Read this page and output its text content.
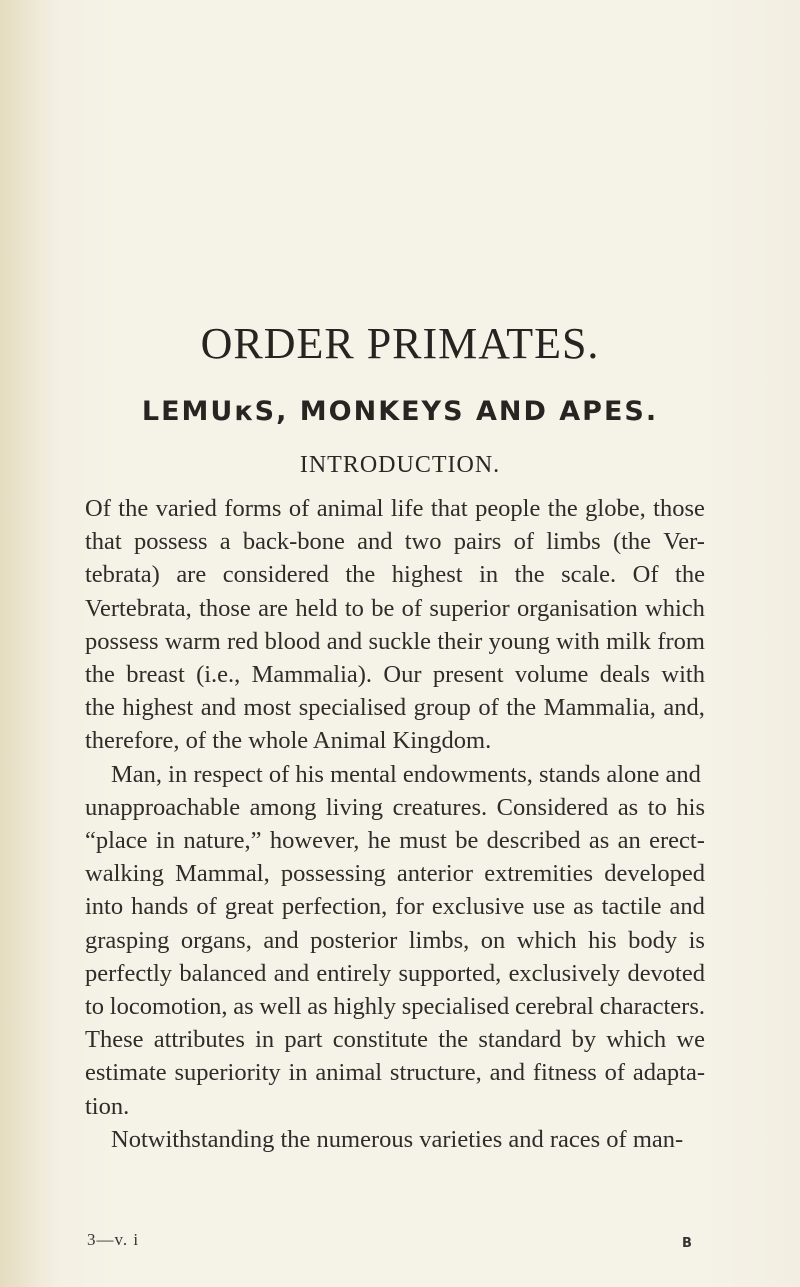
ORDER PRIMATES.
LEMUкS, MONKEYS AND APES.
INTRODUCTION.
Of the varied forms of animal life that people the globe, those
that possess a back-bone and two pairs of limbs (the Ver-
tebrata) are considered the highest in the scale. Of the
Vertebrata, those are held to be of superior organisation which
possess warm red blood and suckle their young with milk from
the breast (i.e., Mammalia). Our present volume deals with
the highest and most specialised group of the Mammalia, and,
therefore, of the whole Animal Kingdom.
Man, in respect of his mental endowments, stands alone and
unapproachable among living creatures. Considered as to his
“place in nature,” however, he must be described as an erect-
walking Mammal, possessing anterior extremities developed
into hands of great perfection, for exclusive use as tactile and
grasping organs, and posterior limbs, on which his body is
perfectly balanced and entirely supported, exclusively devoted
to locomotion, as well as highly specialised cerebral characters.
These attributes in part constitute the standard by which we
estimate superiority in animal structure, and fitness of adapta-
tion.
Notwithstanding the numerous varieties and races of man-
3—v. i	B
